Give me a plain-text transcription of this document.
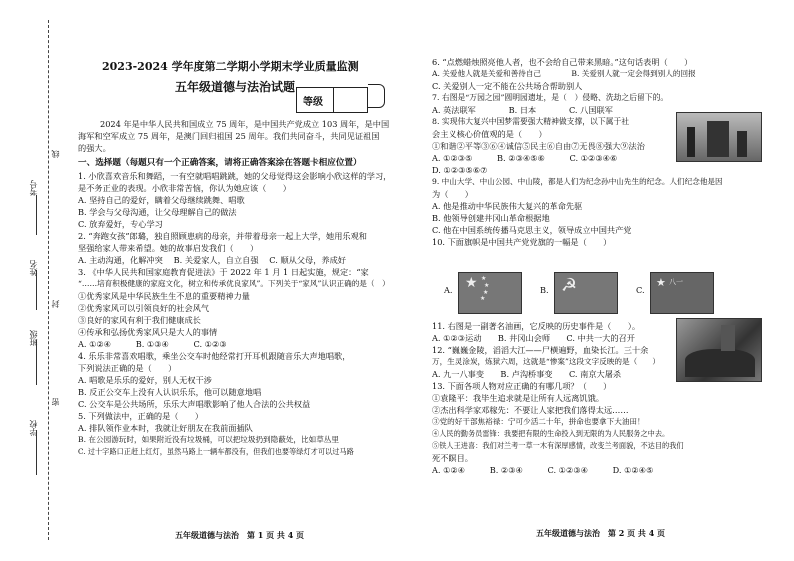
学校
班级
姓名
考号
密
封
线
2023-2024 学年度第二学期小学期末学业质量监测
五年级道德与法治试题
等级
2024 年是中华人民共和国成立 75 周年，是中国共产党成立 103 周年，是中国
海军和空军成立 75 周年，是澳门回归祖国 25 周年。我们共同奋斗，共同见证祖国
的强大。
一、选择题（每题只有一个正确答案，请将正确答案涂在答题卡相应位置）
1. 小欣喜欢音乐和舞蹈，一有空就唱唱跳跳，她的父母觉得这会影响小欣这样的学习，
是不务正业的表现。小欣非常苦恼，你认为她应该（　　）
A. 坚持自己的爱好，瞒着父母继续跳舞、唱歌
B. 学会与父母沟通，让父母理解自己的做法
C. 放弃爱好，专心学习
2. “奔跑女孩”郎璐，独自照顾患病的母亲，并带着母亲一起上大学，她用乐观和
坚强给家人带来希望。她的故事启发我们（　　）
A. 主动沟通，化解冲突　 B. 关爱家人，自立自强　 C. 顺从父母，养成好
3. 《中华人民共和国家庭教育促进法》于 2022 年 1 月 1 日起实施，规定：“家
“……培育积极健康的家庭文化，树立和传承优良家风”。下列关于“家风”认识正确的是（　）
①优秀家风是中华民族生生不息的重要精神力量
②优秀家风可以引领良好的社会风气
③良好的家风有利于我们健康成长
④传承和弘扬优秀家风只是大人的事情
A. ①②④　　　B. ①③④　　　C. ①②③
4. 乐乐非常喜欢唱歌，乘坐公交车时他经常打开耳机跟随音乐大声地唱歌，
下列说法正确的是（　　）
A. 唱歌是乐乐的爱好，别人无权干涉
B. 反正公交车上没有人认识乐乐，他可以随意地唱
C. 公交车是公共场所，乐乐大声唱歌影响了他人合法的公共权益
5. 下列做法中，正确的是（　　）
A. 排队领作业本时，我就让好朋友在我前面插队
B. 在公园游玩时，如果附近没有垃圾桶，可以把垃圾扔到隐蔽处，比如草丛里
C. 过十字路口正赶上红灯，虽然马路上一辆车都没有，但我们也要等绿灯才可以过马路
五年级道德与法治　第 1 页 共 4 页
6. “点燃蜡烛照亮他人者，也不会给自己带来黑暗。”这句话表明（　　）
A. 关爱他人就是关爱和善待自己　　　　B. 关爱别人就一定会得到别人的回报
C. 关爱别人一定不能在公共场合帮助别人
7. 右图是“万园之园”圆明园遗址，是（　）侵略、洗劫之后留下的。
A. 英法联军　　　　B. 日本　　　　C. 八国联军
8. 实现伟大复兴中国梦需要强大精神做支撑，以下属于社
会主义核心价值观的是（　　）
①和谐②平等③⑥④诚信⑤民主⑥自由⑦无畏⑧强大⑨法治
A. ①②③⑤　　　B. ②③④⑤⑥　　　C. ①②③④⑥
D. ①②③⑤⑥⑦
9. 中山大学、中山公园、中山陵，都是人们为纪念孙中山先生的纪念。人们纪念他是因
为（　　）
A. 他是推动中华民族伟大复兴的革命先驱
B. 他领导创建井冈山革命根据地
C. 他在中国系统传播马克思主义，领导成立中国共产党
10. 下面旗帜是中国共产党党旗的一幅是（　　）
A. ★ ★
★
★
★
B. ☭	C.
★ 八一
11. 右图是一副著名油画，它反映的历史事件是（　　）。
A. ①②③运动　　B. 井冈山会师　　C. 中共一大的召开
12. “巍巍金陵，滔滔大江——尸横遍野，血染长江。三十余
万，生灵涂炭，炼狱六周，这就是“惨案”这段文字反映的是（　　）
A. 九一八事变　　B. 卢沟桥事变　　C. 南京大屠杀
13. 下面各项人物对应正确的有哪几项？（　　）
①袁隆平：我毕生追求就是让所有人远离饥饿。
②杰出科学家邓稼先：不要让人家把我们落得太远……
③党的好干部焦裕禄：宁可少活二十年，拼命也要拿下大油田！
④人民的勤务员雷锋：我要把有限的生命投入到无限的为人民服务之中去。
⑤铁人王进喜：我们对兰考一草一木有深厚感情，改变兰考面貌，不达目的我们
死不瞑目。
A. ①②④　　　B. ②③④　　　C. ①②③④　　　D. ①②④⑤
五年级道德与法治　第 2 页 共 4 页
